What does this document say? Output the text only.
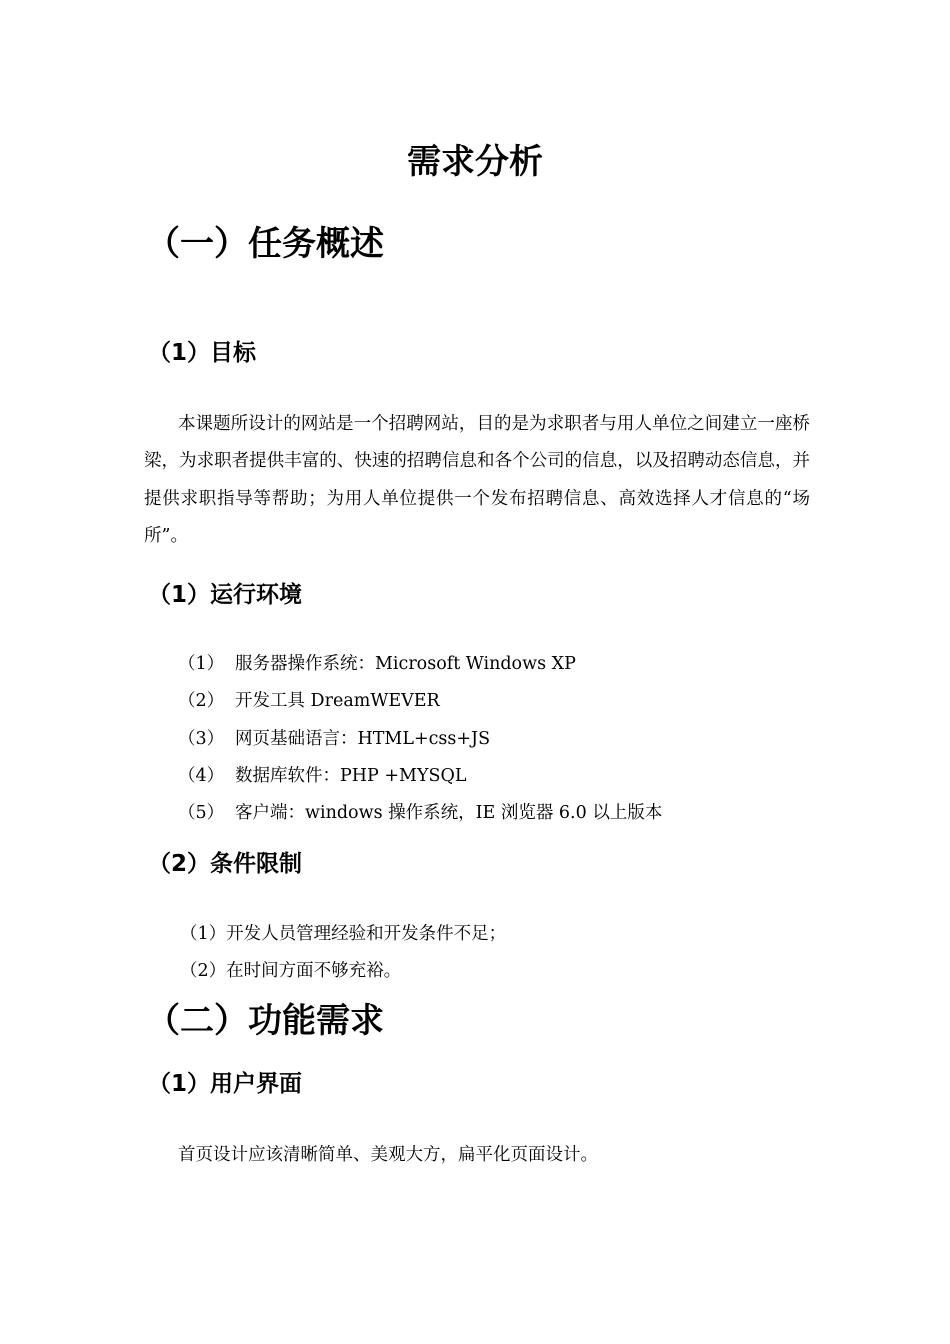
需求分析
（一）任务概述
（1）目标

本课题所设计的网站是一个招聘网站，目的是为求职者与用人单位之间建立一座桥梁，为求职者提供丰富的、快速的招聘信息和各个公司的信息，以及招聘动态信息，并提供求职指导等帮助；为用人单位提供一个发布招聘信息、高效选择人才信息的“场所”。

（1）运行环境
（1） 服务器操作系统：Microsoft Windows XP
（2） 开发工具 DreamWEVER
（3） 网页基础语言：HTML+css+JS
（4） 数据库软件：PHP +MYSQL
（5） 客户端：windows 操作系统，IE 浏览器 6.0 以上版本
（2）条件限制
（1）开发人员管理经验和开发条件不足；
（2）在时间方面不够充裕。
（二）功能需求
（1）用户界面
首页设计应该清晰简单、美观大方，扁平化页面设计。
